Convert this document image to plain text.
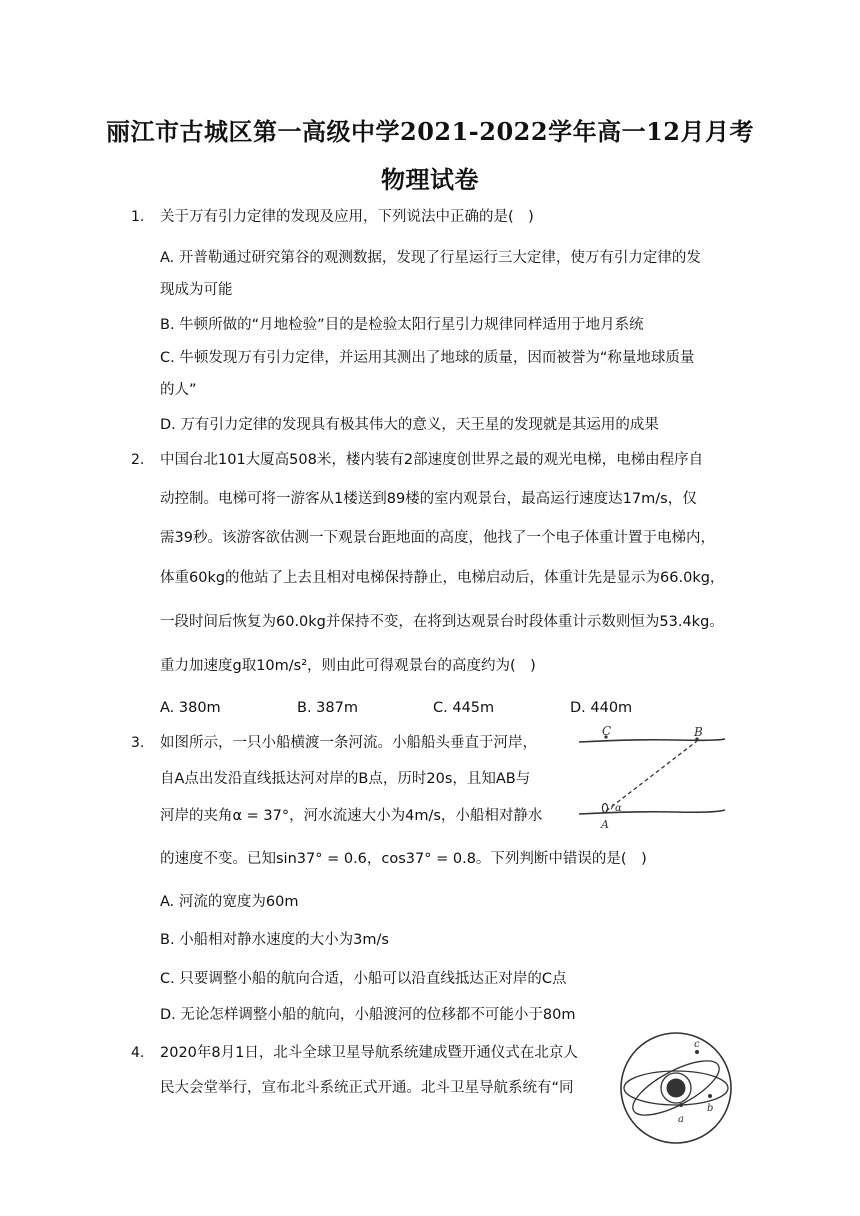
丽江市古城区第一高级中学2021-2022学年高一12月月考
物理试卷
1. 关于万有引力定律的发现及应用，下列说法中正确的是(　)
A. 开普勒通过研究第谷的观测数据，发现了行星运行三大定律，使万有引力定律的发
现成为可能
B. 牛顿所做的“月地检验”目的是检验太阳行星引力规律同样适用于地月系统
C. 牛顿发现万有引力定律，并运用其测出了地球的质量，因而被誉为“称量地球质量
的人”
D. 万有引力定律的发现具有极其伟大的意义，天王星的发现就是其运用的成果
2. 中国台北101大厦高508米，楼内装有2部速度创世界之最的观光电梯，电梯由程序自
动控制。电梯可将一游客从1楼送到89楼的室内观景台，最高运行速度达17m/s，仅
需39秒。该游客欲估测一下观景台距地面的高度，他找了一个电子体重计置于电梯内，
体重60kg的他站了上去且相对电梯保持静止，电梯启动后，体重计先是显示为66.0kg，
一段时间后恢复为60.0kg并保持不变，在将到达观景台时段体重计示数则恒为53.4kg。
重力加速度g取10m/s²，则由此可得观景台的高度约为(　)
A. 380m	B. 387m	C. 445m	D. 440m
3. 如图所示，一只小船横渡一条河流。小船船头垂直于河岸，
自A点出发沿直线抵达河对岸的B点，历时20s，且知AB与
河岸的夹角α = 37°，河水流速大小为4m/s，小船相对静水
的速度不变。已知sin37° = 0.6，cos37° = 0.8。下列判断中错误的是(　)
A. 河流的宽度为60m
B. 小船相对静水速度的大小为3m/s
C. 只要调整小船的航向合适，小船可以沿直线抵达正对岸的C点
D. 无论怎样调整小船的航向，小船渡河的位移都不可能小于80m
C	B
A
α
4. 2020年8月1日，北斗全球卫星导航系统建成暨开通仪式在北京人
民大会堂举行，宣布北斗系统正式开通。北斗卫星导航系统有“同
a
b
c
